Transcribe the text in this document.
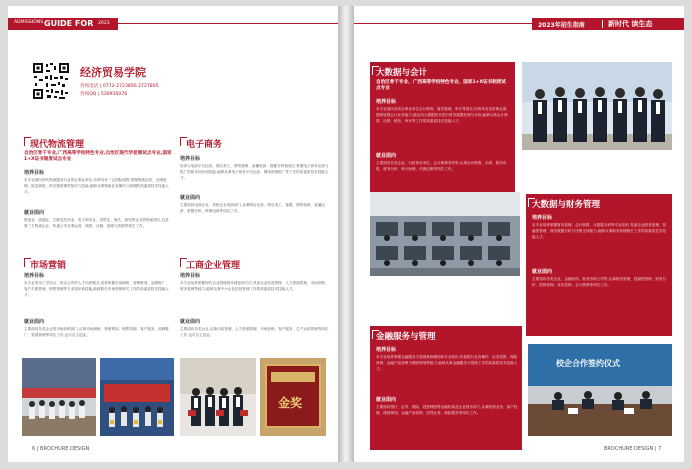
ADMISSIONS GUIDE FOR 2023
经济贸易学院
咨询电话 | 0772-2723856 2727805
咨询QQ | 539935076
现代物流管理
自治区骨干专业,广西高等学校特色专业,自治区现代学徒制试点专业,国家1+X证书制度试点专业
培养目标
本专业面向现代物流服务行业的企事业单位,培养具有一定国际视野,掌握物流运营、仓储管理、配送调度、供应链管理等知识与技能,能够从事物流业务操作与管理的高素质技术技能人才。
就业面向
制造业、流通业、生鲜及医药业、电子商务业、零售业、海关、邮电等企业的物流岗位,以及第三方物流企业、快递公司从事运营、调度、仓储、客服与管理等相关工作。
电子商务
培养目标
培养与电商平台运营、网店美工、网络营销、直播电商、数据分析相适应,掌握电子商务运营与推广的基本知识和技能,能够从事电子商务平台运营、网络营销推广等工作的高素质技术技能人才。
就业面向
主要面向电商企业、传统企业电商部门,从事网店运营、网店美工、客服、网络营销、直播运营、数据分析、跨境电商等岗位工作。
市场营销
培养目标
本专业采用工学结合、校企合作的人才培养模式,培养掌握市场调研、营销策划、品牌推广、客户关系管理、销售管理等专业知识和技能,能够胜任市场营销相关工作的高素质技术技能人才。
就业面向
主要面向各类企业的市场营销部门,从事市场调研、营销策划、销售管理、客户服务、品牌推广、渠道管理等岗位工作,也可自主创业。
工商企业管理
培养目标
本专业培养掌握现代企业管理基本理论和方法,具备企业经营管理、人力资源管理、市场营销、财务管理等能力,能够从事中小企业经营管理工作的高素质技术技能人才。
就业面向
主要面向各类企业,从事行政管理、人力资源管理、市场营销、客户服务、生产运营管理等岗位工作,也可自主创业。
金奖
6 | BROCHURE DESIGN
2023年招生指南	新时代 读生态
大数据与会计
自治区骨干专业、广西高等学校特色专业、国家1+X证书制度试点专业
培养目标
本专业面向各类企事业单位会计核算、财务管理、审计等岗位,培养具有良好职业道德和较强会计业务能力,能运用大数据技术进行财务数据处理与分析,能够从事会计核算、出纳、税务、审计等工作的高素质技术技能人才。
就业面向
主要面向各类企业、行政事业单位、会计师事务所等,从事会计核算、出纳、税务申报、财务分析、审计助理、代理记账等岗位工作。
大数据与财务管理
培养目标
本专业培养掌握财务管理、会计核算、大数据分析等专业知识,具备企业财务管理、投融资管理、财务数据分析与决策支持能力,能够从事财务管理相关工作的高素质技术技能人才。
就业面向
主要面向各类企业、金融机构、财务咨询公司等,从事财务管理、投融资管理、财务分析、预算管理、成本控制、会计核算等岗位工作。
金融服务与管理
培养目标
本专业培养掌握金融服务与管理基础理论和专业知识,具备银行业务操作、证券投资、保险营销、金融产品营销与理财规划等能力,能够从事金融服务与管理工作的高素质技术技能人才。
就业面向
主要面向银行、证券、保险、投资理财等金融机构及企业财务部门,从事柜面业务、客户经理、理财规划、金融产品营销、信贷业务、保险服务等岗位工作。
校企合作签约仪式
BROCHURE DESIGN | 7
